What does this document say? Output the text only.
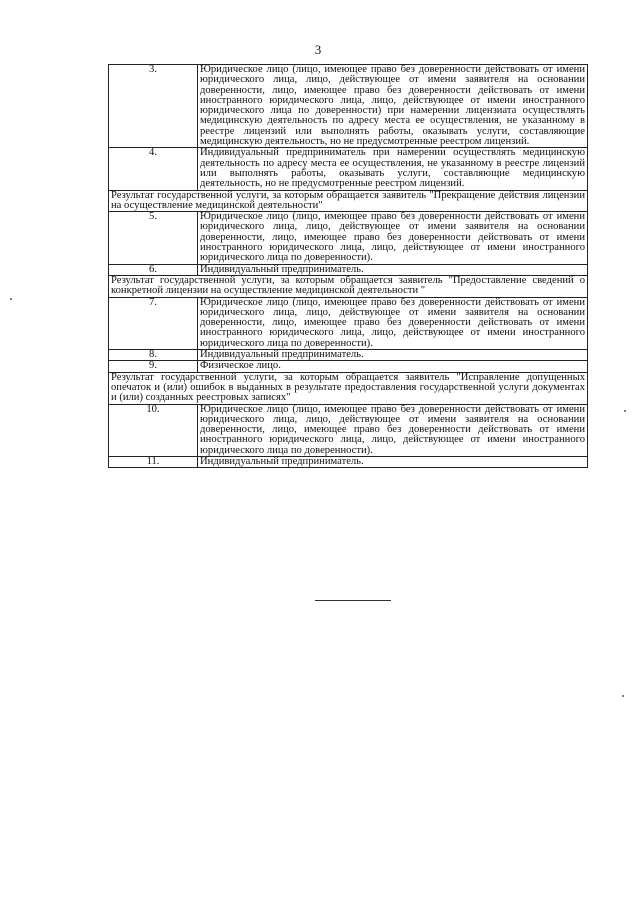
3
3.	Юридическое лицо (лицо, имеющее право без доверенности действовать от имени юридического лица, лицо, действующее от имени заявителя на основании доверенности, лицо, имеющее право без доверенности действовать от имени иностранного юридического лица, лицо, действующее от имени иностранного юридического лица по доверенности) при намерении лицензиата осуществлять медицинскую деятельность по адресу места ее осуществления, не указанному в реестре лицензий или выполнять работы, оказывать услуги, составляющие медицинскую деятельность, но не предусмотренные реестром лицензий.
4.	Индивидуальный предприниматель при намерении осуществлять медицинскую деятельность по адресу места ее осуществления, не указанному в реестре лицензий или выполнять работы, оказывать услуги, составляющие медицинскую деятельность, но не предусмотренные реестром лицензий.
Результат государственной услуги, за которым обращается заявитель "Прекращение действия лицензии на осуществление медицинской деятельности"	
5.	Юридическое лицо (лицо, имеющее право без доверенности действовать от имени юридического лица, лицо, действующее от имени заявителя на основании доверенности, лицо, имеющее право без доверенности действовать от имени иностранного юридического лица, лицо, действующее от имени иностранного юридического лица по доверенности).
6.	Индивидуальный предприниматель.
Результат государственной услуги, за которым обращается заявитель "Предоставление сведений о конкретной лицензии на осуществление медицинской деятельности "	
7.	Юридическое лицо (лицо, имеющее право без доверенности действовать от имени юридического лица, лицо, действующее от имени заявителя на основании доверенности, лицо, имеющее право без доверенности действовать от имени иностранного юридического лица, лицо, действующее от имени иностранного юридического лица по доверенности).
8.	Индивидуальный предприниматель.
9.	Физическое лицо.
Результат государственной услуги, за которым обращается заявитель "Исправление допущенных опечаток и (или) ошибок в выданных в результате предоставления государственной услуги документах и (или) созданных реестровых записях"	
10.	Юридическое лицо (лицо, имеющее право без доверенности действовать от имени юридического лица, лицо, действующее от имени заявителя на основании доверенности, лицо, имеющее право без доверенности действовать от имени иностранного юридического лица, лицо, действующее от имени иностранного юридического лица по доверенности).
11.	Индивидуальный предприниматель.
